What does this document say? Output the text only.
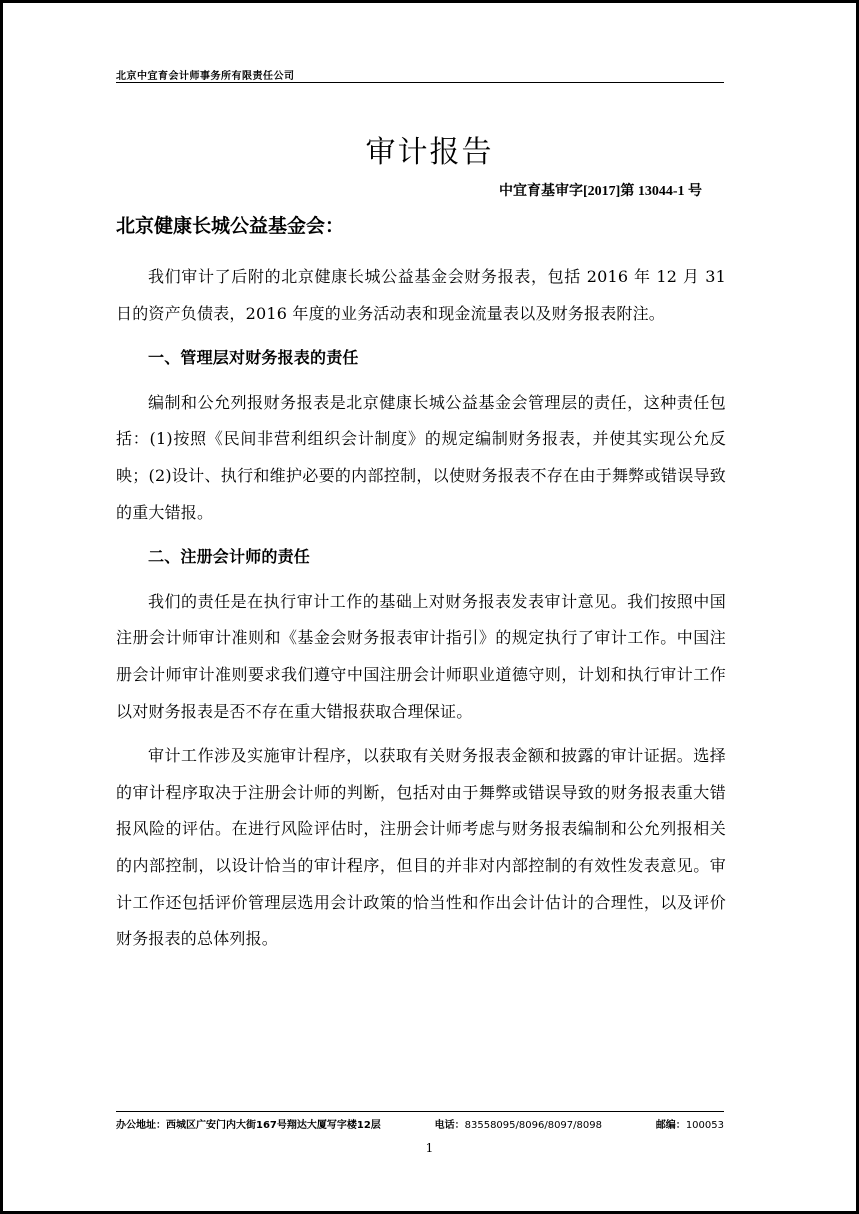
北京中宜育会计师事务所有限责任公司
审计报告
中宜育基审字[2017]第 13044-1 号
北京健康长城公益基金会：

我们审计了后附的北京健康长城公益基金会财务报表，包括 2016 年 12 月 31 日的资产负债表，2016 年度的业务活动表和现金流量表以及财务报表附注。

一、管理层对财务报表的责任

编制和公允列报财务报表是北京健康长城公益基金会管理层的责任，这种责任包括：(1)按照《民间非营利组织会计制度》的规定编制财务报表，并使其实现公允反映；(2)设计、执行和维护必要的内部控制，以使财务报表不存在由于舞弊或错误导致的重大错报。

二、注册会计师的责任

我们的责任是在执行审计工作的基础上对财务报表发表审计意见。我们按照中国注册会计师审计准则和《基金会财务报表审计指引》的规定执行了审计工作。中国注册会计师审计准则要求我们遵守中国注册会计师职业道德守则，计划和执行审计工作以对财务报表是否不存在重大错报获取合理保证。

审计工作涉及实施审计程序，以获取有关财务报表金额和披露的审计证据。选择的审计程序取决于注册会计师的判断，包括对由于舞弊或错误导致的财务报表重大错报风险的评估。在进行风险评估时，注册会计师考虑与财务报表编制和公允列报相关的内部控制，以设计恰当的审计程序，但目的并非对内部控制的有效性发表意见。审计工作还包括评价管理层选用会计政策的恰当性和作出会计估计的合理性，以及评价财务报表的总体列报。

办公地址：西城区广安门内大街167号翔达大厦写字楼12层	电话：83558095/8096/8097/8098	邮编：100053
1
